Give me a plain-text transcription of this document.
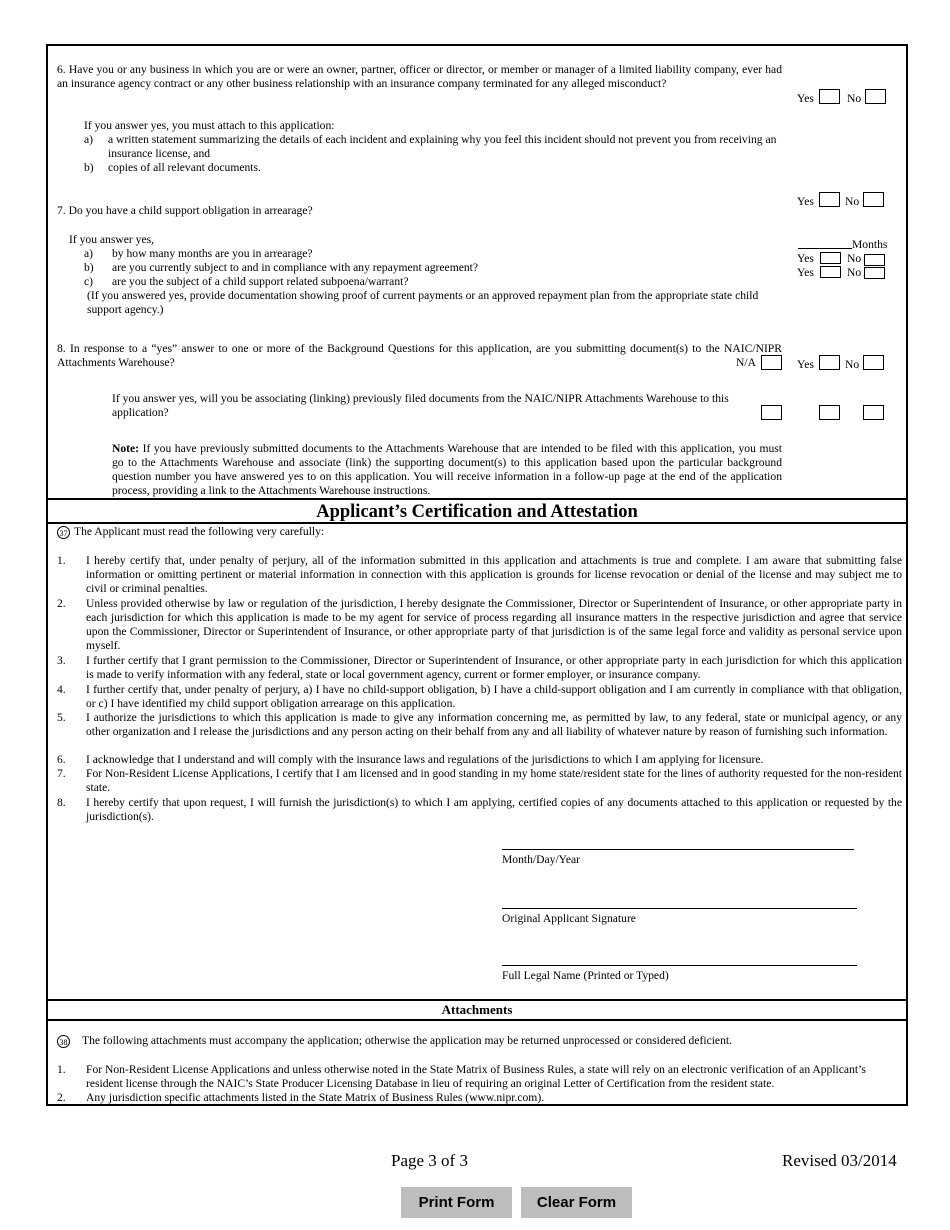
6. Have you or any business in which you are or were an owner, partner, officer or director, or member or manager of a limited liability company, ever had an insurance agency contract or any other business relationship with an insurance company terminated for any alleged misconduct?
Yes	No
If you answer yes, you must attach to this application:
a) a written statement summarizing the details of each incident and explaining why you feel this incident should not prevent you from receiving an insurance license, and
b) copies of all relevant documents.
7. Do you have a child support obligation in arrearage?
Yes	No
If you answer yes,
a) by how many months are you in arrearage?
b) are you currently subject to and in compliance with any repayment agreement?
c) are you the subject of a child support related subpoena/warrant?
(If you answered yes, provide documentation showing proof of current payments or an approved repayment plan from the appropriate state child support agency.)
Months
Yes	No
Yes	No
8. In response to a “yes” answer to one or more of the Background Questions for this application, are you submitting document(s) to the NAIC/NIPR Attachments Warehouse?	N/A	Yes	No
If you answer yes, will you be associating (linking) previously filed documents from the NAIC/NIPR Attachments Warehouse to this application?
Note: If you have previously submitted documents to the Attachments Warehouse that are intended to be filed with this application, you must go to the Attachments Warehouse and associate (link) the supporting document(s) to this application based upon the particular background question number you have answered yes to on this application. You will receive information in a follow-up page at the end of the application process, providing a link to the Attachments Warehouse instructions.
Applicant’s Certification and Attestation
37 The Applicant must read the following very carefully:
1. I hereby certify that, under penalty of perjury, all of the information submitted in this application and attachments is true and complete. I am aware that submitting false information or omitting pertinent or material information in connection with this application is grounds for license revocation or denial of the license and may subject me to civil or criminal penalties.
2. Unless provided otherwise by law or regulation of the jurisdiction, I hereby designate the Commissioner, Director or Superintendent of Insurance, or other appropriate party in each jurisdiction for which this application is made to be my agent for service of process regarding all insurance matters in the respective jurisdiction and agree that service upon the Commissioner, Director or Superintendent of Insurance, or other appropriate party of that jurisdiction is of the same legal force and validity as personal service upon myself.
3. I further certify that I grant permission to the Commissioner, Director or Superintendent of Insurance, or other appropriate party in each jurisdiction for which this application is made to verify information with any federal, state or local government agency, current or former employer, or insurance company.
4. I further certify that, under penalty of perjury, a) I have no child-support obligation, b) I have a child-support obligation and I am currently in compliance with that obligation, or c) I have identified my child support obligation arrearage on this application.
5. I authorize the jurisdictions to which this application is made to give any information concerning me, as permitted by law, to any federal, state or municipal agency, or any other organization and I release the jurisdictions and any person acting on their behalf from any and all liability of whatever nature by reason of furnishing such information.
6. I acknowledge that I understand and will comply with the insurance laws and regulations of the jurisdictions to which I am applying for licensure.
7. For Non-Resident License Applications, I certify that I am licensed and in good standing in my home state/resident state for the lines of authority requested for the non-resident state.
8. I hereby certify that upon request, I will furnish the jurisdiction(s) to which I am applying, certified copies of any documents attached to this application or requested by the jurisdiction(s).
Month/Day/Year
Original Applicant Signature
Full Legal Name (Printed or Typed)
Attachments
38 The following attachments must accompany the application; otherwise the application may be returned unprocessed or considered deficient.
1. For Non-Resident License Applications and unless otherwise noted in the State Matrix of Business Rules, a state will rely on an electronic verification of an Applicant’s resident license through the NAIC’s State Producer Licensing Database in lieu of requiring an original Letter of Certification from the resident state.
2. Any jurisdiction specific attachments listed in the State Matrix of Business Rules (www.nipr.com).
Page 3 of 3	Revised 03/2014
Print Form	Clear Form
